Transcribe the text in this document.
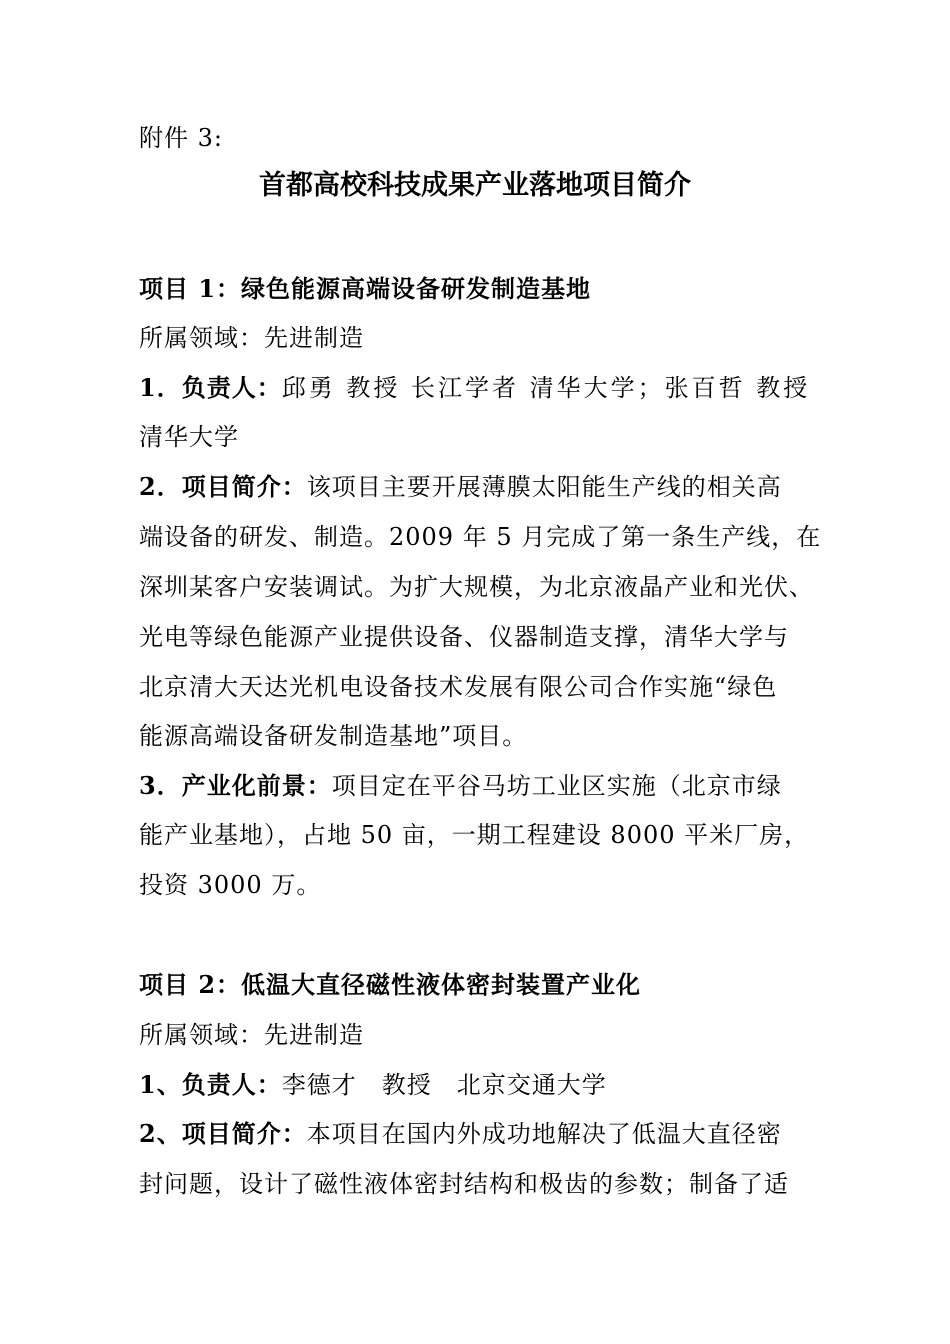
附件 3:
首都高校科技成果产业落地项目简介
项目 1：绿色能源高端设备研发制造基地
所属领域：先进制造
1．负责人：邱勇 教授 长江学者 清华大学；张百哲 教授
清华大学
2．项目简介：该项目主要开展薄膜太阳能生产线的相关高
端设备的研发、制造。2009 年 5 月完成了第一条生产线，在
深圳某客户安装调试。为扩大规模，为北京液晶产业和光伏、
光电等绿色能源产业提供设备、仪器制造支撑，清华大学与
北京清大天达光机电设备技术发展有限公司合作实施“绿色
能源高端设备研发制造基地”项目。
3．产业化前景：项目定在平谷马坊工业区实施（北京市绿
能产业基地），占地 50 亩，一期工程建设 8000 平米厂房，
投资 3000 万。
项目 2：低温大直径磁性液体密封装置产业化
所属领域：先进制造
1、负责人：李德才　教授　北京交通大学
2、项目简介：本项目在国内外成功地解决了低温大直径密
封问题，设计了磁性液体密封结构和极齿的参数；制备了适
